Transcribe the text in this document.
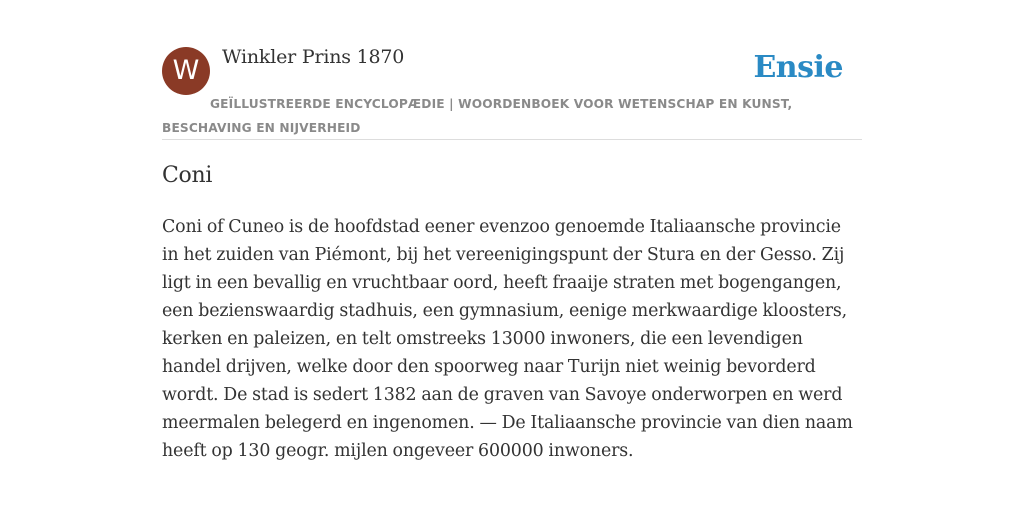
W	Winkler Prins 1870	Ensie
GEÏLLUSTREERDE ENCYCLOPÆDIE | WOORDENBOEK VOOR WETENSCHAP EN KUNST, BESCHAVING EN NIJVERHEID
Coni

Coni of Cuneo is de hoofdstad eener evenzoo genoemde Italiaansche provincie in het zuiden van Piémont, bij het vereenigingspunt der Stura en der Gesso. Zij ligt in een bevallig en vruchtbaar oord, heeft fraaije straten met bogengangen, een bezienswaardig stadhuis, een gymnasium, eenige merkwaardige kloosters, kerken en paleizen, en telt omstreeks 13000 inwoners, die een levendigen handel drijven, welke door den spoorweg naar Turijn niet weinig bevorderd wordt. De stad is sedert 1382 aan de graven van Savoye onderworpen en werd meermalen belegerd en ingenomen. — De Italiaansche provincie van dien naam heeft op 130 geogr. mijlen ongeveer 600000 inwoners.
